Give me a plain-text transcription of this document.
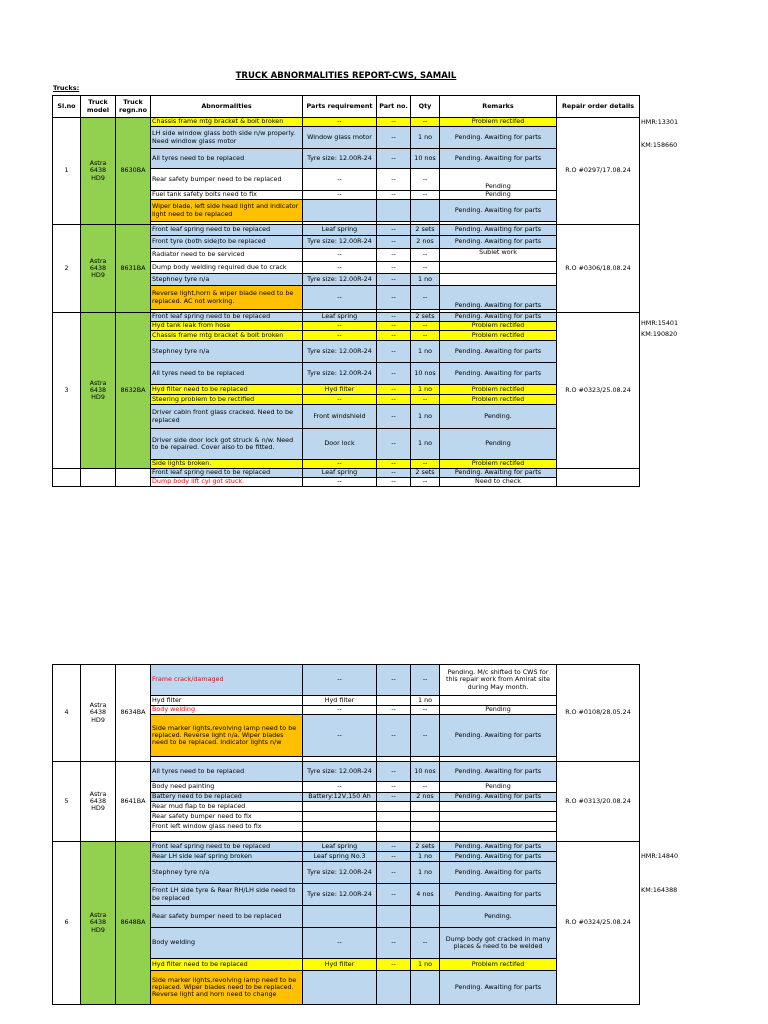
TRUCK ABNORMALITIES REPORT-CWS, SAMAIL
Trucks:
Sl.no	Truck model	Truck regn.no	Abnormalities	Parts requirement	Part no.	Qty	Remarks	Repair order details
1	Astra 6438 HD9	8630BA	Chassis frame mtg bracket & bolt broken	--	--	--	Problem rectifed	R.O #0297/17.08.24
			LH side window glass both side n/w properly. Need windlow glass motor	Window glass motor	--	1 no	Pending. Awaiting for parts	
			All tyres need to be replaced	Tyre size: 12.00R-24	--	10 nos	Pending. Awaiting for parts	
			Rear safety bumper need to be replaced	--	--	--	Pending	
			Fuel tank safety bolts need to fix	--	--	--	Pending	
			Wiper blade, left side head light and indicator light need to be replaced				Pending. Awaiting for parts	

2	Astra 6438 HD9	8631BA	Front leaf spring need to be replaced	Leaf spring	--	2 sets	Pending. Awaiting for parts	R.O #0306/18.08.24
			Front tyre (both side)to be replaced	Tyre size: 12.00R-24	--	2 nos	Pending. Awaiting for parts	
			Radiator need to be serviced	--	--	--	Sublet work	
			Dump body welding required due to crack	--	--	--		
			Stephney tyre n/a	Tyre size: 12.00R-24	--	1 no		
			Reverse light,horn & wiper blade need to be replaced. AC not working.	--	--	--	Pending. Awaiting for parts	

3	Astra 6438 HD9	8632BA	Front leaf spring need to be replaced	Leaf spring	--	2 sets	Pending. Awaiting for parts	R.O #0323/25.08.24
			Hyd tank leak from hose	--	--	--	Problem rectifed	
			Chassis frame mtg bracket & bolt broken	--	--	--	Problem rectifed	
			Stephney tyre n/a	Tyre size: 12.00R-24	--	1 no	Pending. Awaiting for parts	
			All tyres need to be replaced	Tyre size: 12.00R-24	--	10 nos	Pending. Awaiting for parts	
			Hyd filter need to be replaced	Hyd filter	--	1 no	Problem rectifed	
			Steering problem to be rectified	--	--	--	Problem rectifed	
			Driver cabin front glass cracked. Need to be replaced	Front windshield	--	1 no	Pending.	
			Driver side door lock got struck & n/w. Need to be repaired. Cover also to be fitted.	Door lock	--	1 no	Pending	
			Side lights broken.	--	--	--	Problem rectifed	
			Front leaf spring need to be replaced	Leaf spring	--	2 sets	Pending. Awaiting for parts	
			Dump body lift cyl got stuck.	--	--	--	Need to check	
HMR:13301
KM:158660
HMR:15401
KM:190820
4	Astra 6438 HD9	8634BA	Frame crack/damaged	--	--	--	Pending. M/c shifted to CWS for this repair work from Amirat site during May month.	R.O #0108/28.05.24
			Hyd filter	Hyd filter		1 no		
			Body welding	--	--	--	Pending	
			Side marker lights,revolving lamp need to be replaced. Reverse light n/a. Wiper blades need to be replaced. Indicator lights n/w	--	--	--	Pending. Awaiting for parts	

5	Astra 6438 HD9	8641BA	All tyres need to be replaced	Tyre size: 12.00R-24	--	10 nos	Pending. Awaiting for parts	R.O #0313/20.08.24
			Body need painting	--	--	--	Pending	
			Battery need to be replaced	Battery:12V,150 Ah	--	2 nos	Pending. Awaiting for parts	
			Rear mud flap to be replaced					
			Rear safety bumper need to fix					
			Front left window glass need to fix					

6	Astra 6438 HD9	8648BA	Front leaf spring need to be replaced	Leaf spring	--	2 sets	Pending. Awaiting for parts	R.O #0324/25.08.24
			Rear LH side leaf spring broken	Leaf spring No.3	--	1 no	Pending. Awaiting for parts	
			Stephney tyre n/a	Tyre size: 12.00R-24	--	1 no	Pending. Awaiting for parts	
			Front LH side tyre & Rear RH/LH side need to be replaced	Tyre size: 12.00R-24	--	4 nos	Pending. Awaiting for parts	
			Rear safety bumper need to be replaced				Pending.	
			Body welding	--	--	--	Dump body got cracked in many places & need to be welded	
			Hyd filter need to be replaced	Hyd filter	--	1 no	Problem rectifed	
			Side marker lights,revolving lamp need to be replaced. Wiper blades need to be replaced. Reverse light and horn need to change				Pending. Awaiting for parts	
HMR:14840
KM:164388
